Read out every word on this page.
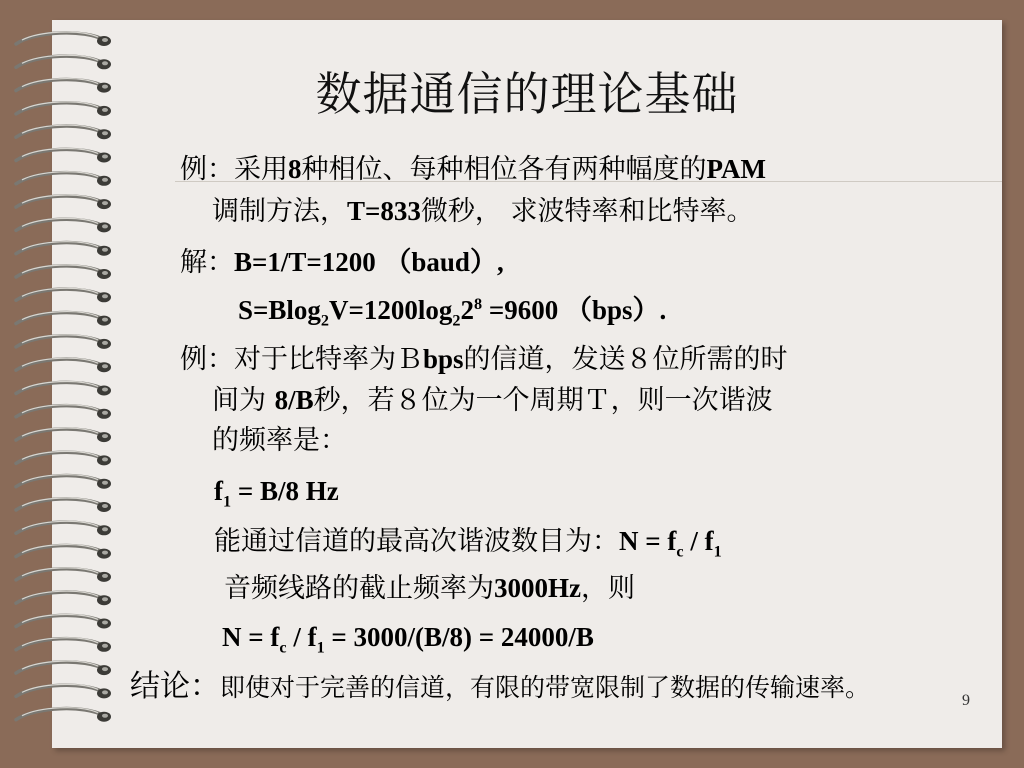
数据通信的理论基础
例：采用8种相位、每种相位各有两种幅度的PAM
调制方法，T=833微秒， 求波特率和比特率。
解：B=1/T=1200 （baud）,
$S=Blog_2V=1200\log_22^8 =9600$ （bps）.
例：对于比特率为Ｂbps的信道，发送８位所需的时
间为 8/B秒，若８位为一个周期Ｔ，则一次谐波
的频率是：
$f_1 = B/8$ Hz
能通过信道的最高次谐波数目为：$N = f_c / f_1$
音频线路的截止频率为3000Hz，则
$N = f_c / f_1 = 3000/(B/8) = 24000/B$
结论：即使对于完善的信道，有限的带宽限制了数据的传输速率。	9
